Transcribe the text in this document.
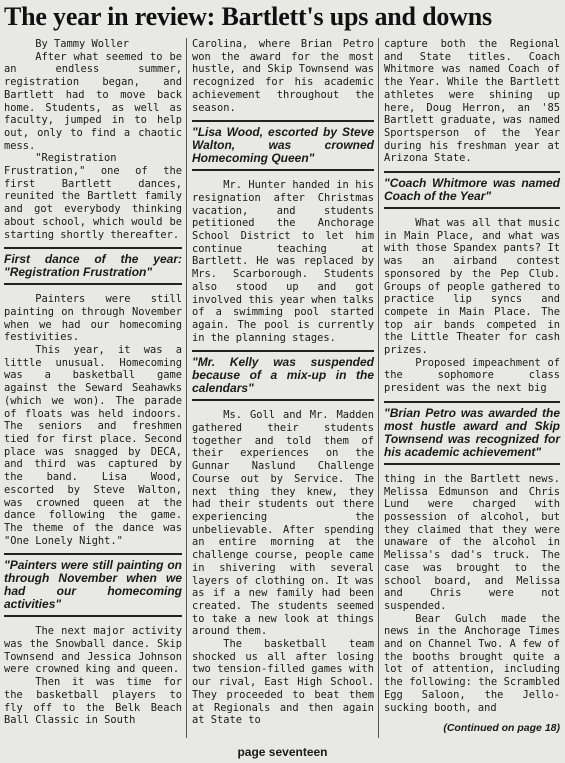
The year in review: Bartlett's ups and downs

By Tammy Woller

After what seemed to be an endless summer, registration began, and Bartlett had to move back home. Students, as well as faculty, jumped in to help out, only to find a chaotic mess.

"Registration Frustration," one of the first Bartlett dances, reunited the Bartlett family and got everybody thinking about school, which would be starting shortly thereafter.

First dance of the year: "Registration Frustration"

Painters were still painting on through November when we had our homecoming festivities.

This year, it was a little unusual. Homecoming was a basketball game against the Seward Seahawks (which we won). The parade of floats was held indoors. The seniors and freshmen tied for first place. Second place was snagged by DECA, and third was captured by the band. Lisa Wood, escorted by Steve Walton, was crowned queen at the dance following the game. The theme of the dance was "One Lonely Night."

"Painters were still painting on through November when we had our homecoming activities"

The next major activity was the Snowball dance. Skip Townsend and Jessica Johnson were crowned king and queen.

Then it was time for the basketball players to fly off to the Belk Beach Ball Classic in South

Carolina, where Brian Petro won the award for the most hustle, and Skip Townsend was recognized for his academic achievement throughout the season.

"Lisa Wood, escorted by Steve Walton, was crowned Homecoming Queen"

Mr. Hunter handed in his resignation after Christmas vacation, and students petitioned the Anchorage School District to let him continue teaching at Bartlett. He was replaced by Mrs. Scarborough. Students also stood up and got involved this year when talks of a swimming pool started again. The pool is currently in the planning stages.

"Mr. Kelly was suspended because of a mix-up in the calendars"

Ms. Goll and Mr. Madden gathered their students together and told them of their experiences on the Gunnar Naslund Challenge Course out by Service. The next thing they knew, they had their students out there experiencing the unbelievable. After spending an entire morning at the challenge course, people came in shivering with several layers of clothing on. It was as if a new family had been created. The students seemed to take a new look at things around them.

The basketball team shocked us all after losing two tension-filled games with our rival, East High School. They proceeded to beat them at Regionals and then again at State to

capture both the Regional and State titles. Coach Whitmore was named Coach of the Year. While the Bartlett athletes were shining up here, Doug Herron, an '85 Bartlett graduate, was named Sportsperson of the Year during his freshman year at Arizona State.

"Coach Whitmore was named Coach of the Year"

What was all that music in Main Place, and what was with those Spandex pants? It was an airband contest sponsored by the Pep Club. Groups of people gathered to practice lip syncs and compete in Main Place. The top air bands competed in the Little Theater for cash prizes.

Proposed impeachment of the sophomore class president was the next big

"Brian Petro was awarded the most hustle award and Skip Townsend was recognized for his academic achievement"

thing in the Bartlett news. Melissa Edmunson and Chris Lund were charged with possession of alcohol, but they claimed that they were unaware of the alcohol in Melissa's dad's truck. The case was brought to the school board, and Melissa and Chris were not suspended.

Bear Gulch made the news in the Anchorage Times and on Channel Two. A few of the booths brought quite a lot of attention, including the following: the Scrambled Egg Saloon, the Jello-sucking booth, and

(Continued on page 18)

page seventeen
